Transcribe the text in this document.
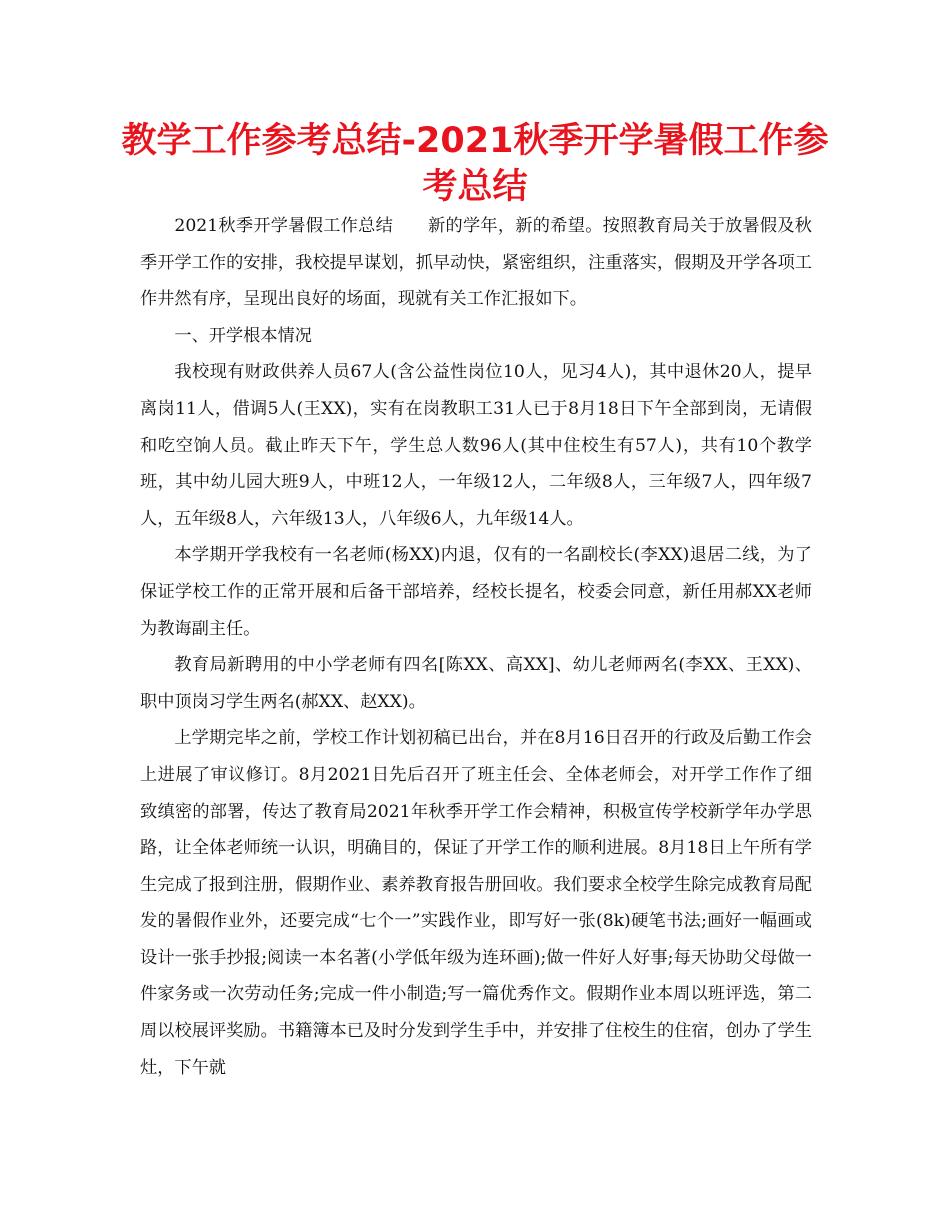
教学工作参考总结-2021秋季开学暑假工作参考总结

2021秋季开学暑假工作总结　　新的学年，新的希望。按照教育局关于放暑假及秋季开学工作的安排，我校提早谋划，抓早动快，紧密组织，注重落实，假期及开学各项工作井然有序，呈现出良好的场面，现就有关工作汇报如下。

一、开学根本情况

我校现有财政供养人员67人(含公益性岗位10人，见习4人)，其中退休20人，提早离岗11人，借调5人(王XX)，实有在岗教职工31人已于8月18日下午全部到岗，无请假和吃空饷人员。截止昨天下午，学生总人数96人(其中住校生有57人)，共有10个教学班，其中幼儿园大班9人，中班12人，一年级12人，二年级8人，三年级7人，四年级7人，五年级8人，六年级13人，八年级6人，九年级14人。

本学期开学我校有一名老师(杨XX)内退，仅有的一名副校长(李XX)退居二线，为了保证学校工作的正常开展和后备干部培养，经校长提名，校委会同意，新任用郝XX老师为教诲副主任。

教育局新聘用的中小学老师有四名[陈XX、高XX]、幼儿老师两名(李XX、王XX)、职中顶岗习学生两名(郝XX、赵XX)。

上学期完毕之前，学校工作计划初稿已出台，并在8月16日召开的行政及后勤工作会上进展了审议修订。8月2021日先后召开了班主任会、全体老师会，对开学工作作了细致缜密的部署，传达了教育局2021年秋季开学工作会精神，积极宣传学校新学年办学思路，让全体老师统一认识，明确目的，保证了开学工作的顺利进展。8月18日上午所有学生完成了报到注册，假期作业、素养教育报告册回收。我们要求全校学生除完成教育局配发的暑假作业外，还要完成“七个一”实践作业，即写好一张(8k)硬笔书法;画好一幅画或设计一张手抄报;阅读一本名著(小学低年级为连环画);做一件好人好事;每天协助父母做一件家务或一次劳动任务;完成一件小制造;写一篇优秀作文。假期作业本周以班评选，第二周以校展评奖励。书籍簿本已及时分发到学生手中，并安排了住校生的住宿，创办了学生灶，下午就
